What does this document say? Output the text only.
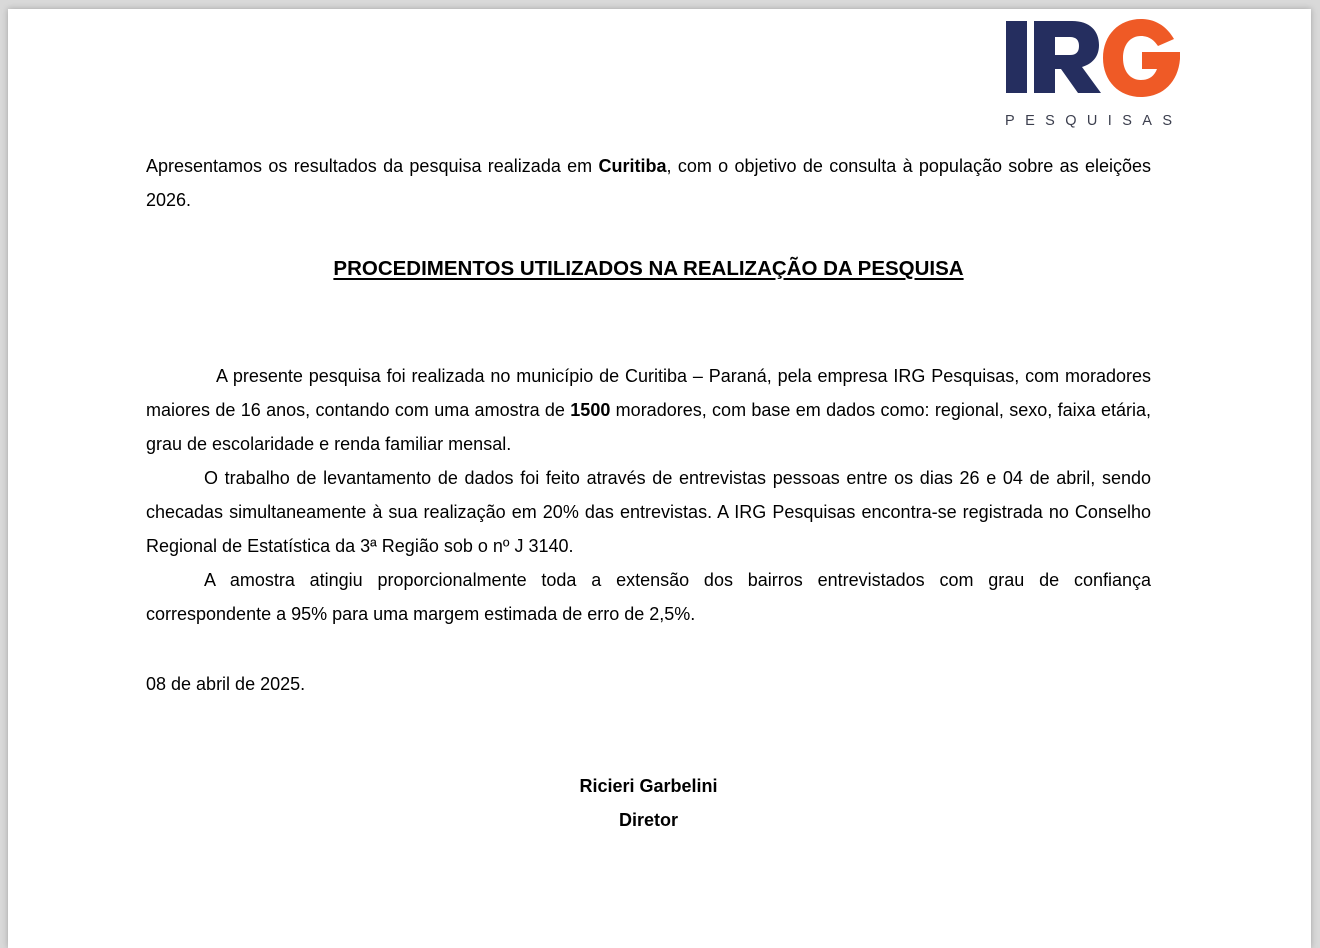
PESQUISAS
Apresentamos os resultados da pesquisa realizada em Curitiba, com o objetivo de consulta à população sobre as eleições 2026.
PROCEDIMENTOS UTILIZADOS NA REALIZAÇÃO DA PESQUISA

A presente pesquisa foi realizada no município de Curitiba – Paraná, pela empresa IRG Pesquisas, com moradores maiores de 16 anos, contando com uma amostra de 1500 moradores, com base em dados como: regional, sexo, faixa etária, grau de escolaridade e renda familiar mensal.

O trabalho de levantamento de dados foi feito através de entrevistas pessoas entre os dias 26 e 04 de abril, sendo checadas simultaneamente à sua realização em 20% das entrevistas. A IRG Pesquisas encontra-se registrada no Conselho Regional de Estatística da 3ª Região sob o nº J 3140.

A amostra atingiu proporcionalmente toda a extensão dos bairros entrevistados com grau de confiança correspondente a 95% para uma margem estimada de erro de 2,5%.

08 de abril de 2025.
Ricieri Garbelini
Diretor
